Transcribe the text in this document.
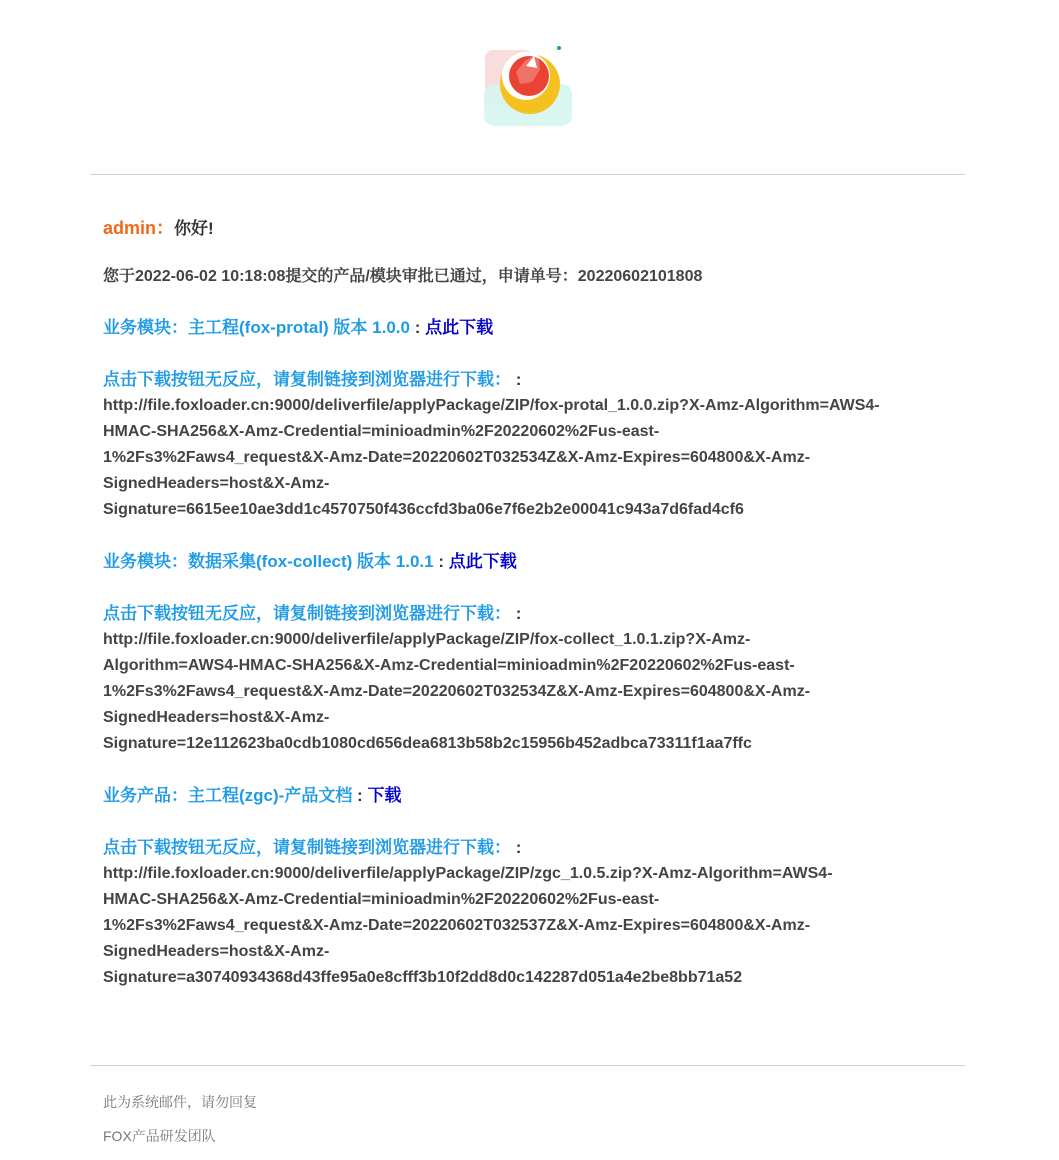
admin：你好!

您于2022-06-02 10:18:08提交的产品/模块审批已通过，申请单号：20220602101808

业务模块：主工程(fox-protal) 版本 1.0.0 : 点此下载

点击下载按钮无反应，请复制链接到浏览器进行下载： :

http://file.foxloader.cn:9000/deliverfile/applyPackage/ZIP/fox-protal_1.0.0.zip?X-Amz-Algorithm=AWS4-

HMAC-SHA256&X-Amz-Credential=minioadmin%2F20220602%2Fus-east-

1%2Fs3%2Faws4_request&X-Amz-Date=20220602T032534Z&X-Amz-Expires=604800&X-Amz-

SignedHeaders=host&X-Amz-

Signature=6615ee10ae3dd1c4570750f436ccfd3ba06e7f6e2b2e00041c943a7d6fad4cf6

业务模块：数据采集(fox-collect) 版本 1.0.1 : 点此下载

点击下载按钮无反应，请复制链接到浏览器进行下载： :

http://file.foxloader.cn:9000/deliverfile/applyPackage/ZIP/fox-collect_1.0.1.zip?X-Amz-

Algorithm=AWS4-HMAC-SHA256&X-Amz-Credential=minioadmin%2F20220602%2Fus-east-

1%2Fs3%2Faws4_request&X-Amz-Date=20220602T032534Z&X-Amz-Expires=604800&X-Amz-

SignedHeaders=host&X-Amz-

Signature=12e112623ba0cdb1080cd656dea6813b58b2c15956b452adbca73311f1aa7ffc

业务产品：主工程(zgc)-产品文档 : 下载

点击下载按钮无反应，请复制链接到浏览器进行下载： :

http://file.foxloader.cn:9000/deliverfile/applyPackage/ZIP/zgc_1.0.5.zip?X-Amz-Algorithm=AWS4-

HMAC-SHA256&X-Amz-Credential=minioadmin%2F20220602%2Fus-east-

1%2Fs3%2Faws4_request&X-Amz-Date=20220602T032537Z&X-Amz-Expires=604800&X-Amz-

SignedHeaders=host&X-Amz-

Signature=a30740934368d43ffe95a0e8cfff3b10f2dd8d0c142287d051a4e2be8bb71a52

此为系统邮件，请勿回复

FOX产品研发团队
